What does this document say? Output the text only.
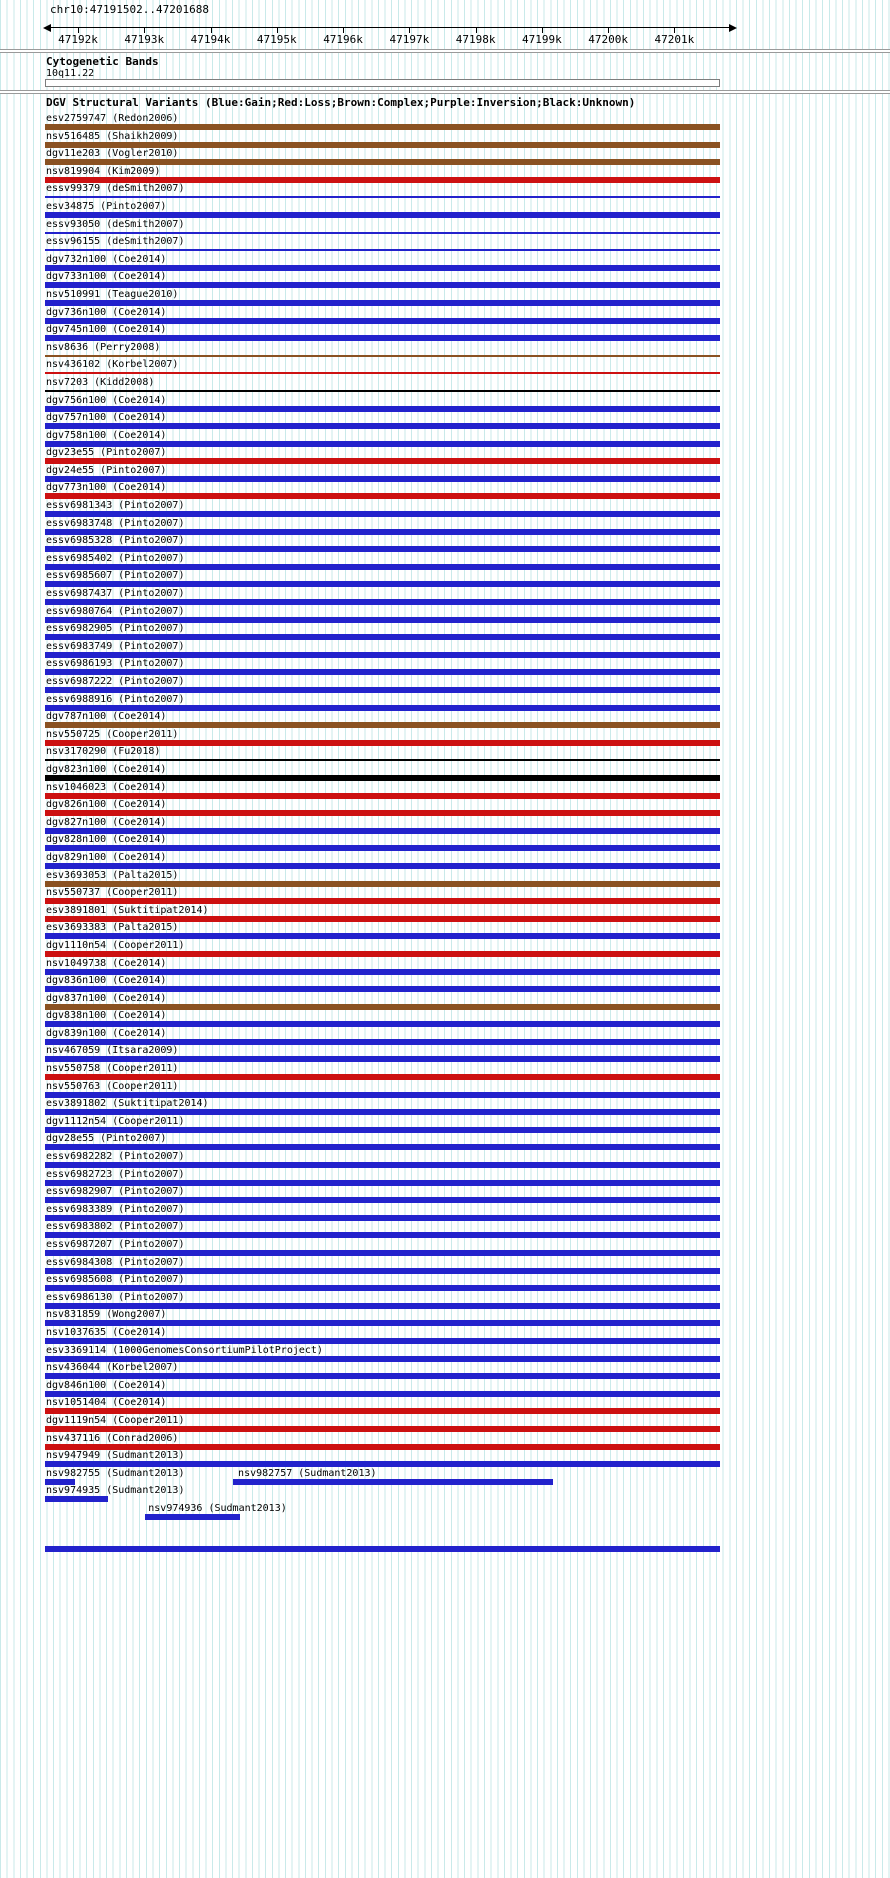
chr10:47191502..47201688
47192k 47193k 47194k 47195k 47196k 47197k 47198k 47199k 47200k 47201k
Cytogenetic Bands
10q11.22
DGV Structural Variants (Blue:Gain;Red:Loss;Brown:Complex;Purple:Inversion;Black:Unknown)
esv2759747 (Redon2006)
nsv516485 (Shaikh2009)
dgv11e203 (Vogler2010)
nsv819904 (Kim2009)
essv99379 (deSmith2007)
esv34875 (Pinto2007)
essv93050 (deSmith2007)
essv96155 (deSmith2007)
dgv732n100 (Coe2014)
dgv733n100 (Coe2014)
nsv510991 (Teague2010)
dgv736n100 (Coe2014)
dgv745n100 (Coe2014)
nsv8636 (Perry2008)
nsv436102 (Korbel2007)
nsv7203 (Kidd2008)
dgv756n100 (Coe2014)
dgv757n100 (Coe2014)
dgv758n100 (Coe2014)
dgv23e55 (Pinto2007)
dgv24e55 (Pinto2007)
dgv773n100 (Coe2014)
essv6981343 (Pinto2007)
essv6983748 (Pinto2007)
essv6985328 (Pinto2007)
essv6985402 (Pinto2007)
essv6985607 (Pinto2007)
essv6987437 (Pinto2007)
essv6980764 (Pinto2007)
essv6982905 (Pinto2007)
essv6983749 (Pinto2007)
essv6986193 (Pinto2007)
essv6987222 (Pinto2007)
essv6988916 (Pinto2007)
dgv787n100 (Coe2014)
nsv550725 (Cooper2011)
nsv3170290 (Fu2018)
dgv823n100 (Coe2014)
nsv1046023 (Coe2014)
dgv826n100 (Coe2014)
dgv827n100 (Coe2014)
dgv828n100 (Coe2014)
dgv829n100 (Coe2014)
esv3693053 (Palta2015)
nsv550737 (Cooper2011)
esv3891801 (Suktitipat2014)
esv3693383 (Palta2015)
dgv1110n54 (Cooper2011)
nsv1049738 (Coe2014)
dgv836n100 (Coe2014)
dgv837n100 (Coe2014)
dgv838n100 (Coe2014)
dgv839n100 (Coe2014)
nsv467059 (Itsara2009)
nsv550758 (Cooper2011)
nsv550763 (Cooper2011)
esv3891802 (Suktitipat2014)
dgv1112n54 (Cooper2011)
dgv28e55 (Pinto2007)
essv6982282 (Pinto2007)
essv6982723 (Pinto2007)
essv6982907 (Pinto2007)
essv6983389 (Pinto2007)
essv6983802 (Pinto2007)
essv6987207 (Pinto2007)
essv6984308 (Pinto2007)
essv6985608 (Pinto2007)
essv6986130 (Pinto2007)
nsv831859 (Wong2007)
nsv1037635 (Coe2014)
esv3369114 (1000GenomesConsortiumPilotProject)
nsv436044 (Korbel2007)
dgv846n100 (Coe2014)
nsv1051404 (Coe2014)
dgv1119n54 (Cooper2011)
nsv437116 (Conrad2006)
nsv947949 (Sudmant2013)
nsv982755 (Sudmant2013)	nsv982757 (Sudmant2013)
nsv974935 (Sudmant2013)
nsv974936 (Sudmant2013)
